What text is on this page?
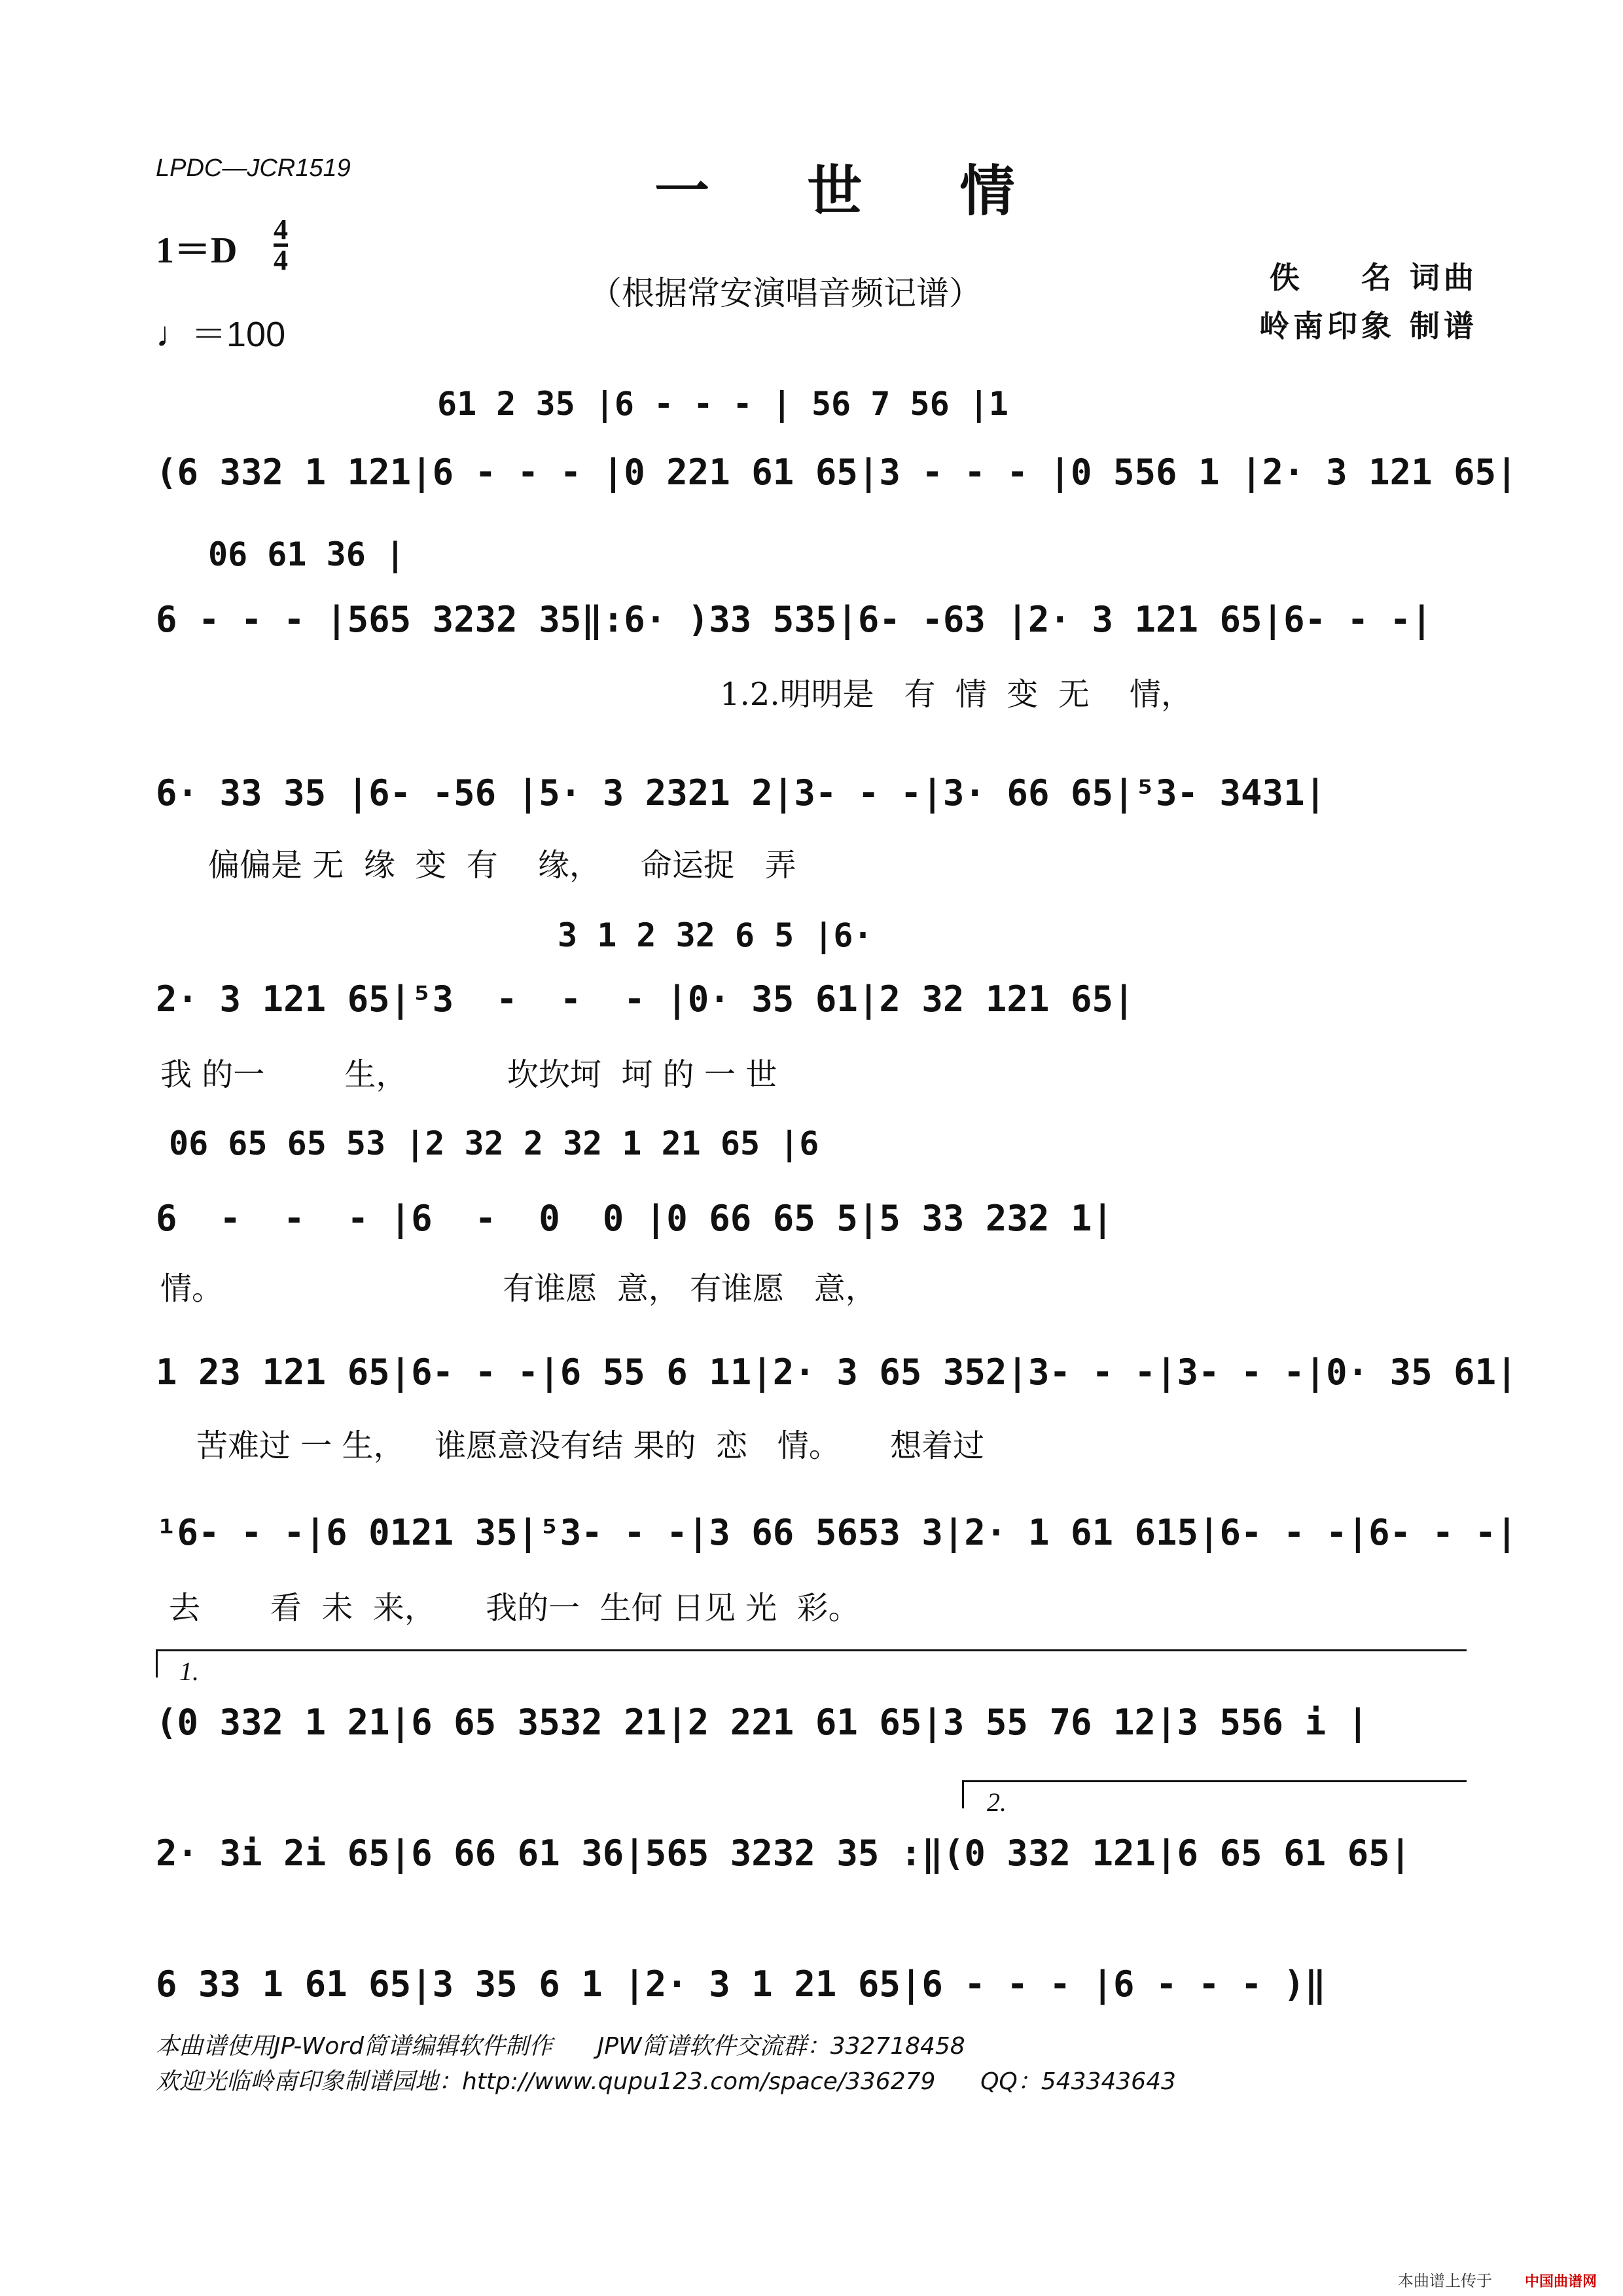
LPDC—JCR1519	一 世 情
（根据常安演唱音频记谱）
1＝D
4
4
♩＝100
佚    名 词曲
岭南印象 制谱
61 2 35 |6 - - - | 56 7 56 |1
(6 332 1 121|6 - - - |0 221 61 65|3 - - - |0 556 1 |2· 3 121 65|
06 61 36 |
6 - - - |565 3232 35‖:6· )33 535|6- -63 |2· 3 121 65|6- - -|
1.2.明明是   有  情  变  无    情，
6· 33 35 |6- -56 |5· 3 2321 2|3- - -|3· 66 65|⁵3- 3431|
偏偏是 无  缘  变  有    缘，    命运捉   弄
3 1 2 32 6 5 |6·
2· 3 121 65|⁵3  -  -  - |0· 35 61|2 32 121 65|
我 的一        生，          坎坎坷  坷 的 一 世
06 65 65 53 |2 32 2 32 1 21 65 |6
6  -  -  - |6  -  0  0 |0 66 65 5|5 33 232 1|
情。                            有谁愿  意， 有谁愿   意，
1 23 121 65|6- - -|6 55 6 11|2· 3 65 352|3- - -|3- - -|0· 35 61|
苦难过 一 生，   谁愿意没有结 果的  恋   情。     想着过
¹6- - -|6 0121 35|⁵3- - -|3 66 5653 3|2· 1 61 615|6- - -|6- - -|
去       看  未  来，     我的一  生何 日见 光  彩。
1.
(0 332 1 21|6 65 3532 21|2 221 61 65|3 55 76 12|3 556 i |
2.
2· 3i 2i 65|6 66 61 36|565 3232 35 :‖(0 332 121|6 65 61 65|
6 33 1 61 65|3 35 6 1 |2· 3 1 21 65|6 - - - |6 - - - )‖
本曲谱使用JP-Word简谱编辑软件制作      JPW简谱软件交流群：332718458
欢迎光临岭南印象制谱园地：http://www.qupu123.com/space/336279      QQ：543343643
本曲谱上传于 中国曲谱网
